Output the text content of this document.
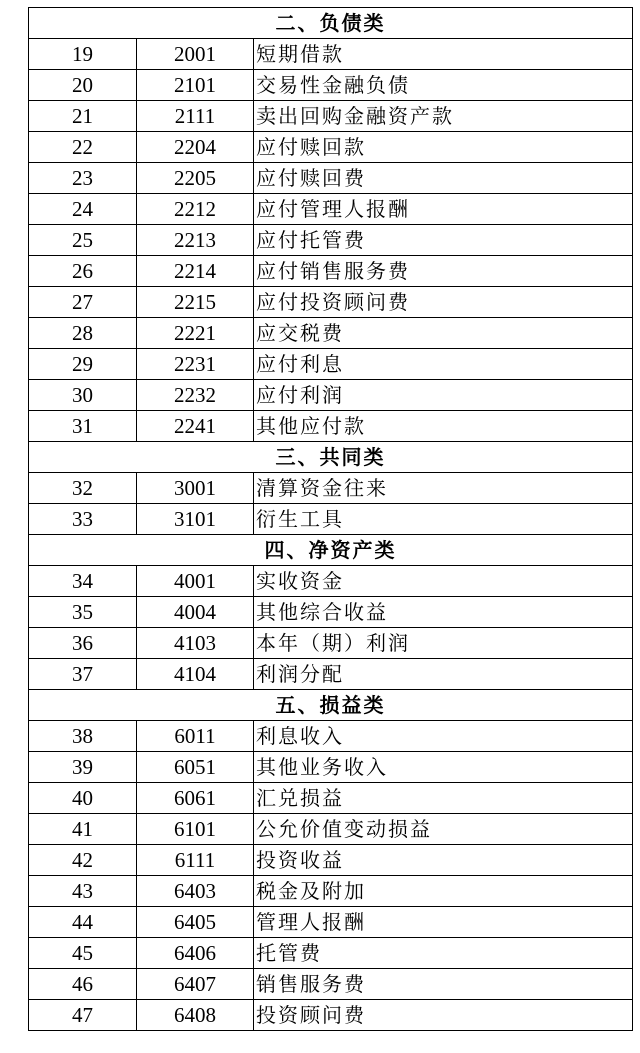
二、负债类		
19	2001	短期借款
20	2101	交易性金融负债
21	2111	卖出回购金融资产款
22	2204	应付赎回款
23	2205	应付赎回费
24	2212	应付管理人报酬
25	2213	应付托管费
26	2214	应付销售服务费
27	2215	应付投资顾问费
28	2221	应交税费
29	2231	应付利息
30	2232	应付利润
31	2241	其他应付款
三、共同类		
32	3001	清算资金往来
33	3101	衍生工具
四、净资产类		
34	4001	实收资金
35	4004	其他综合收益
36	4103	本年（期）利润
37	4104	利润分配
五、损益类		
38	6011	利息收入
39	6051	其他业务收入
40	6061	汇兑损益
41	6101	公允价值变动损益
42	6111	投资收益
43	6403	税金及附加
44	6405	管理人报酬
45	6406	托管费
46	6407	销售服务费
47	6408	投资顾问费
